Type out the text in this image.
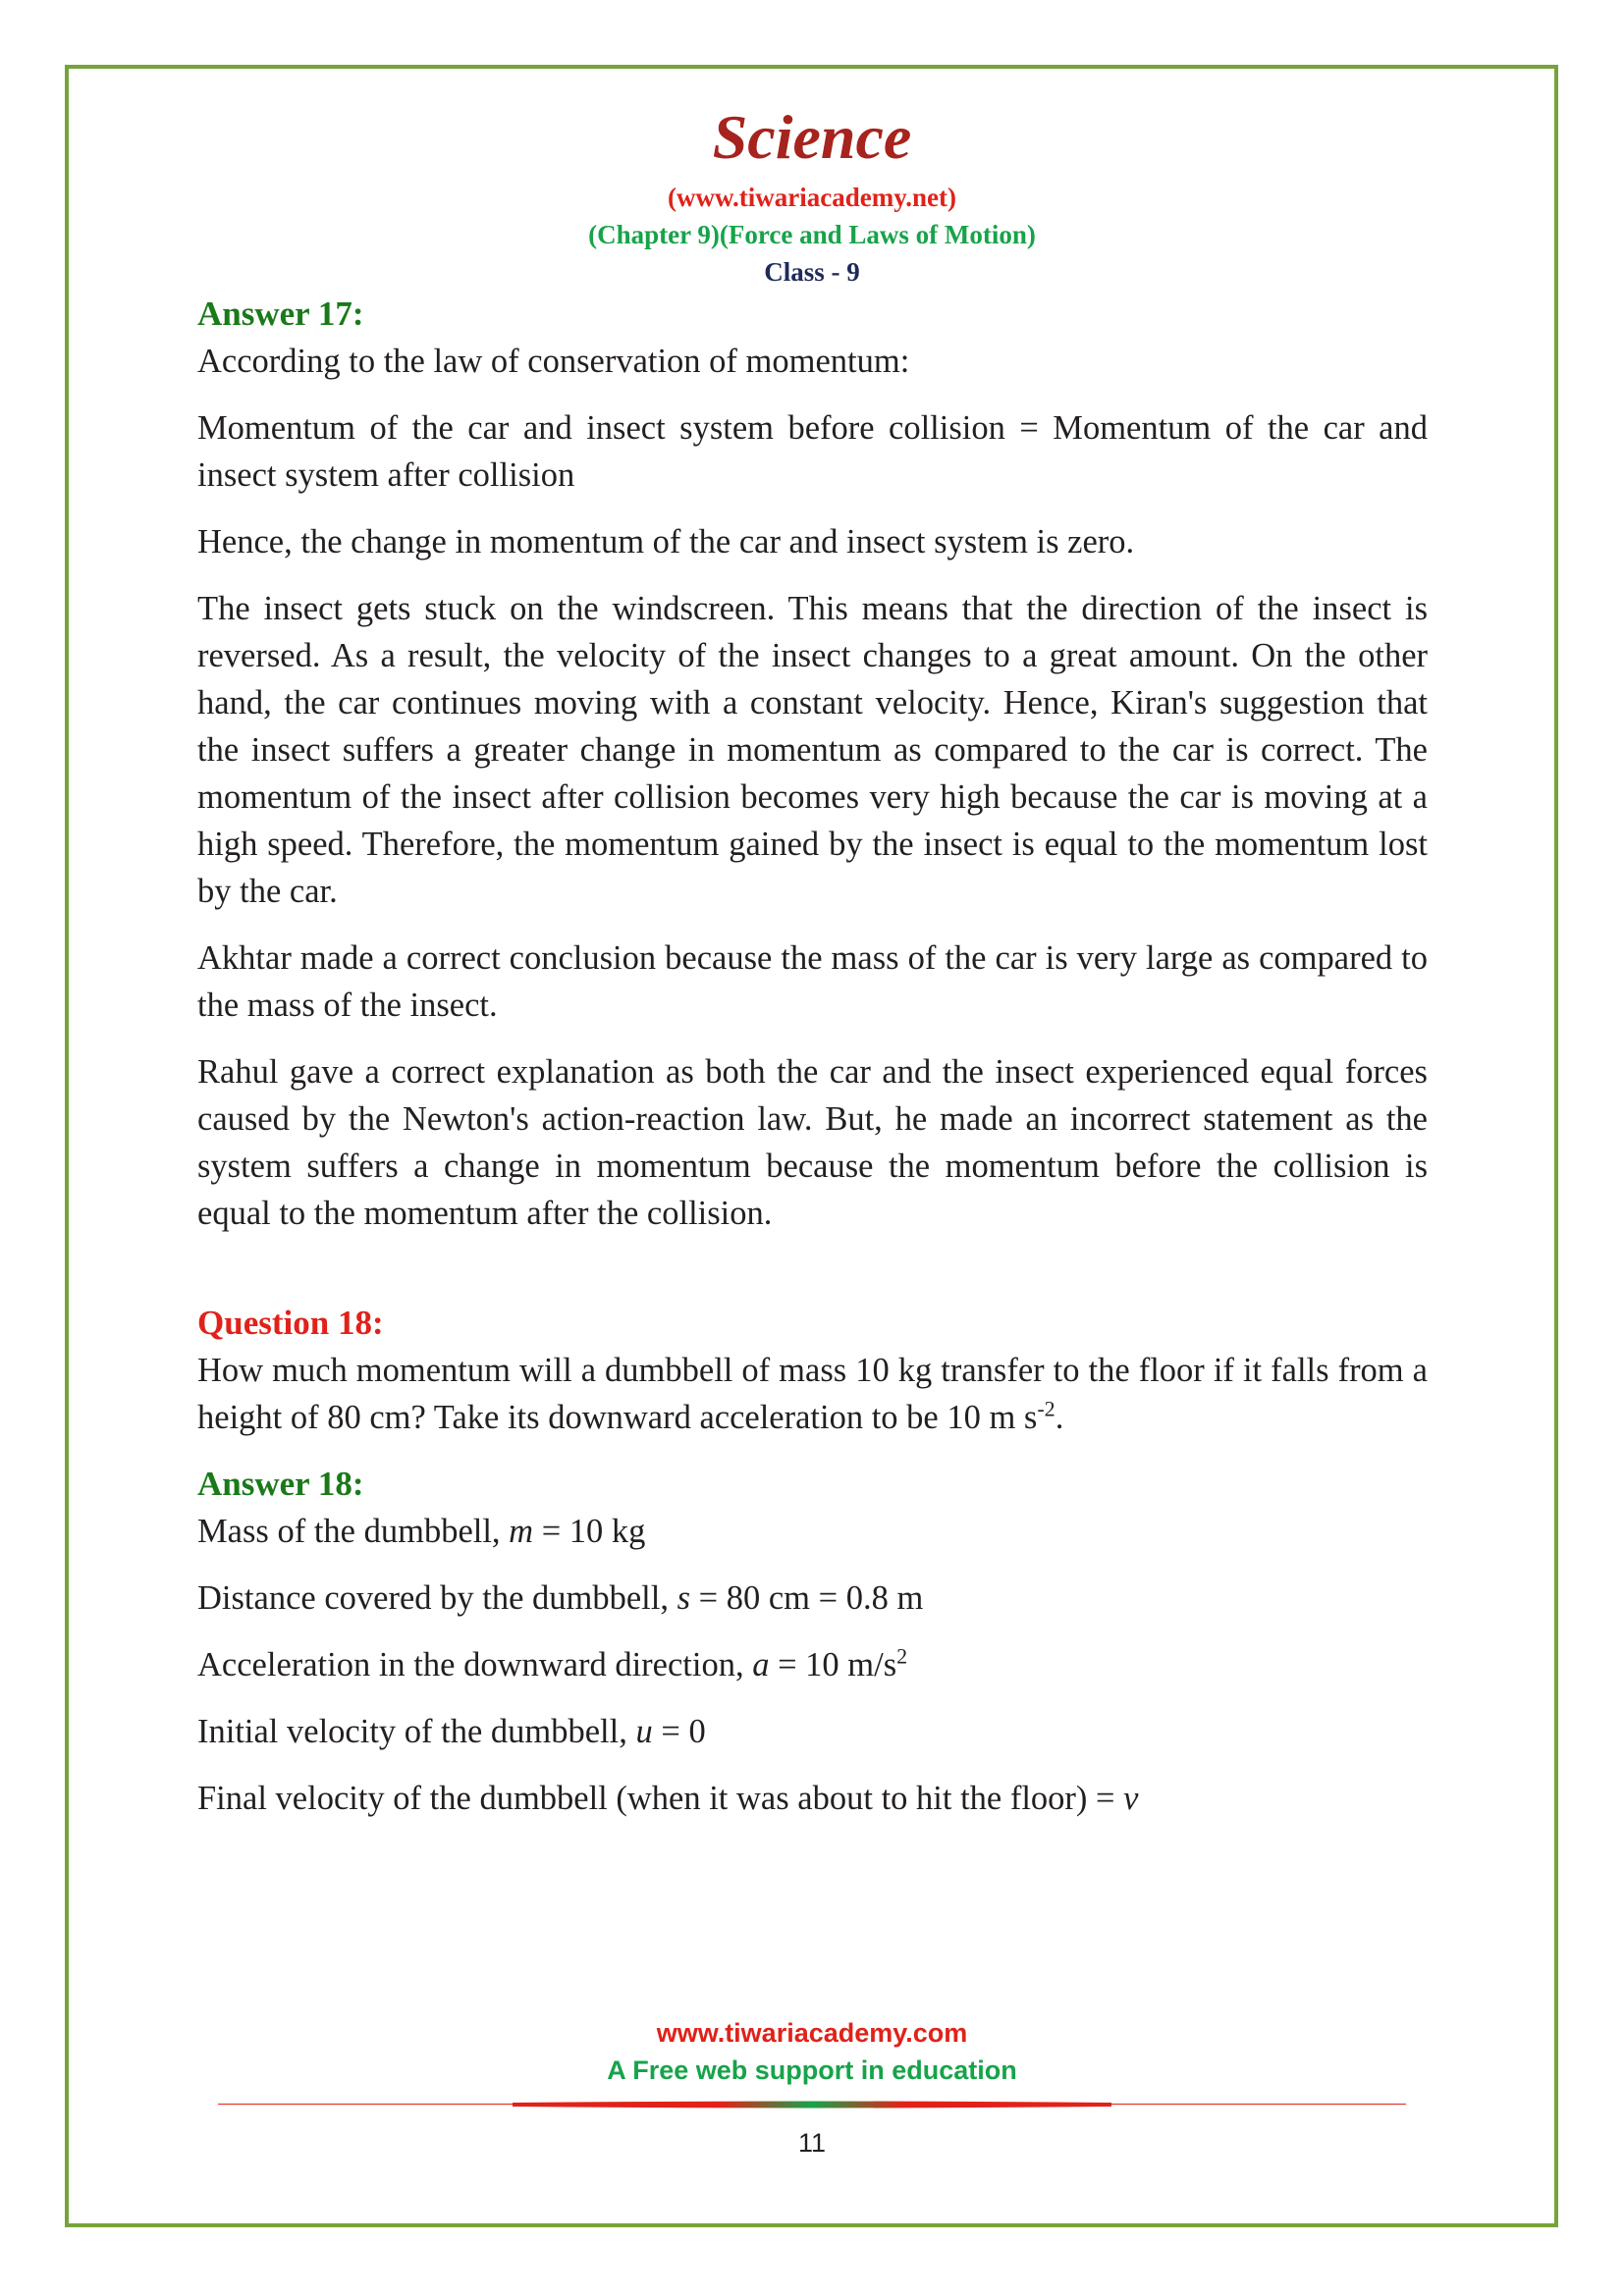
Science
(www.tiwariacademy.net)
(Chapter 9)(Force and Laws of Motion)
Class - 9
Answer 17:

According to the law of conservation of momentum:

Momentum of the car and insect system before collision = Momentum of the car and insect system after collision

Hence, the change in momentum of the car and insect system is zero.

The insect gets stuck on the windscreen. This means that the direction of the insect is reversed. As a result, the velocity of the insect changes to a great amount. On the other hand, the car continues moving with a constant velocity. Hence, Kiran's suggestion that the insect suffers a greater change in momentum as compared to the car is correct. The momentum of the insect after collision becomes very high because the car is moving at a high speed. Therefore, the momentum gained by the insect is equal to the momentum lost by the car.

Akhtar made a correct conclusion because the mass of the car is very large as compared to the mass of the insect.

Rahul gave a correct explanation as both the car and the insect experienced equal forces caused by the Newton's action-reaction law. But, he made an incorrect statement as the system suffers a change in momentum because the momentum before the collision is equal to the momentum after the collision.

Question 18:

How much momentum will a dumbbell of mass 10 kg transfer to the floor if it falls from a height of 80 cm? Take its downward acceleration to be 10 m $s^{-2}$.

Answer 18:

Mass of the dumbbell, m = 10 kg

Distance covered by the dumbbell, s = 80 cm = 0.8 m

Acceleration in the downward direction, a = 10 $m/s^2$

Initial velocity of the dumbbell, u = 0

Final velocity of the dumbbell (when it was about to hit the floor) = v

www.tiwariacademy.com
A Free web support in education
11
